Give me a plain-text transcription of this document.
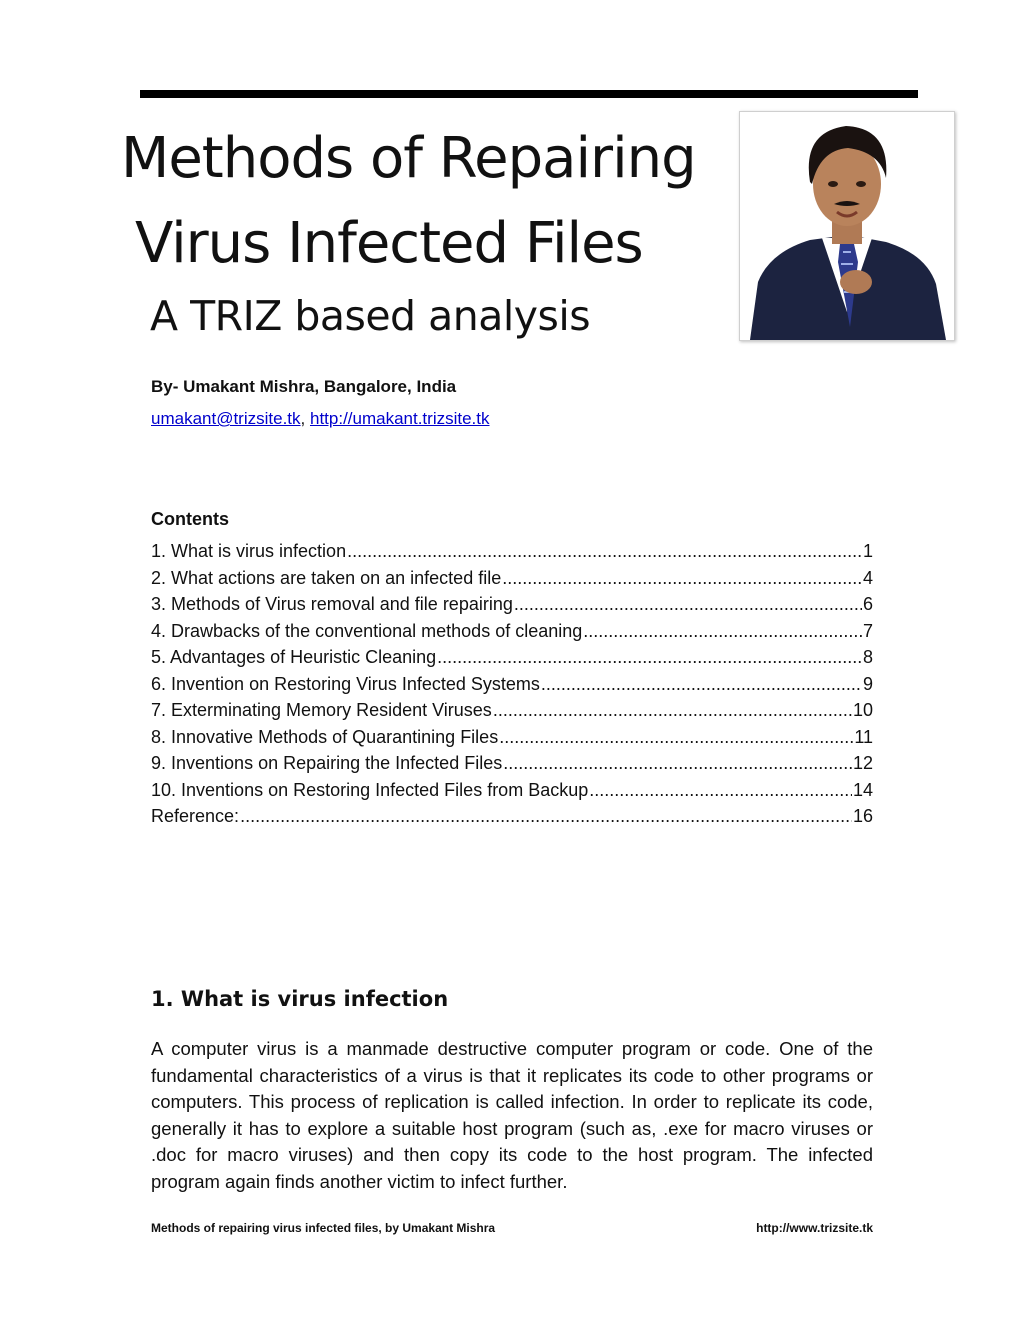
Methods of Repairing
Virus Infected Files
A TRIZ based analysis
By- Umakant Mishra, Bangalore, India
umakant@trizsite.tk, http://umakant.trizsite.tk
Contents
1. What is virus infection .....	1
2. What actions are taken on an infected file .....	4
3. Methods of Virus removal and file repairing .....	6
4. Drawbacks of the conventional methods of cleaning .....	7
5. Advantages of Heuristic Cleaning .....	8
6. Invention on Restoring Virus Infected Systems .....	9
7. Exterminating Memory Resident Viruses .....	10
8. Innovative Methods of Quarantining Files .....	11
9. Inventions on Repairing the Infected Files .....	12
10. Inventions on Restoring Infected Files from Backup .....	14
Reference: .....	16
1. What is virus infection

A computer virus is a manmade destructive computer program or code. One of the fundamental characteristics of a virus is that it replicates its code to other programs or computers. This process of replication is called infection. In order to replicate its code, generally it has to explore a suitable host program (such as, .exe for macro viruses or .doc for macro viruses) and then copy its code to the host program. The infected program again finds another victim to infect further.

Methods of repairing virus infected files, by Umakant Mishra	http://www.trizsite.tk
